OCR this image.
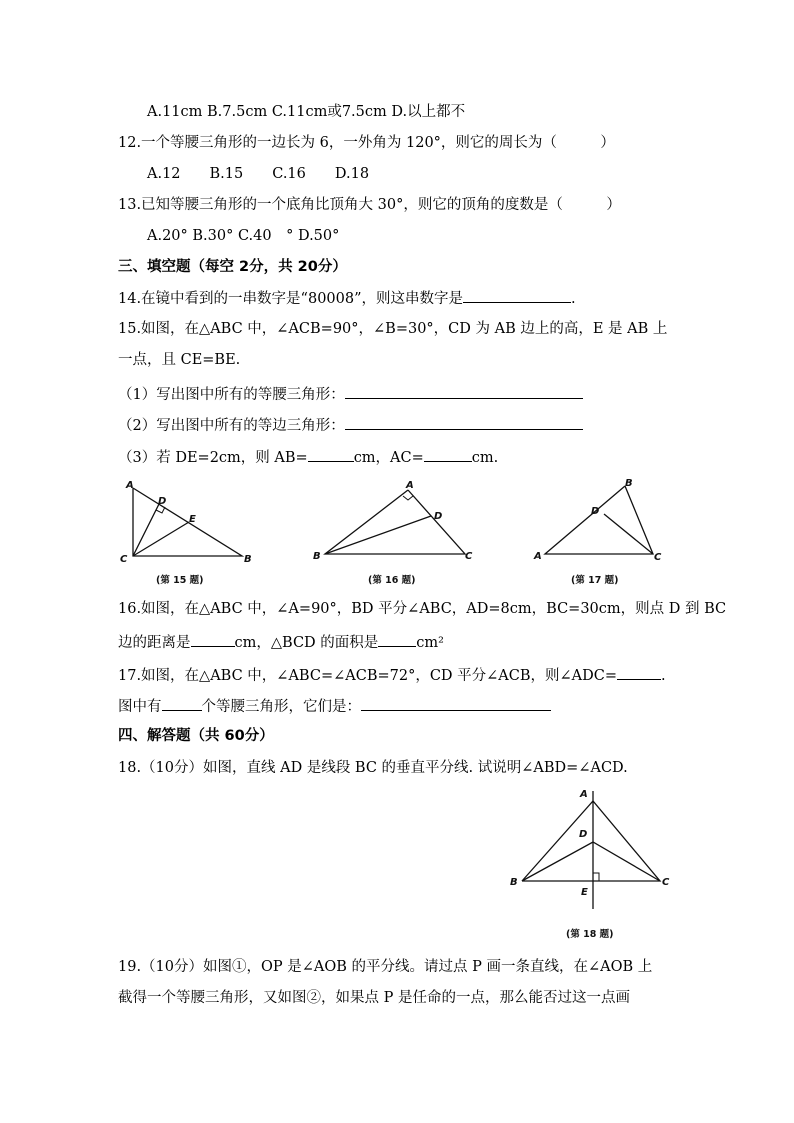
A.11cm B.7.5cm C.11cm或7.5cm D.以上都不
12.一个等腰三角形的一边长为 6，一外角为 120°，则它的周长为（　　　）
A.12　　B.15　　C.16　　D.18
13.已知等腰三角形的一个底角比顶角大 30°，则它的顶角的度数是（　　　）
A.20° B.30° C.40　° D.50°
三、填空题（每空 2分，共 20分）
14.在镜中看到的一串数字是“80008”，则这串数字是	.
15.如图，在△ABC 中，∠ACB=90°，∠B=30°，CD 为 AB 边上的高，E 是 AB 上
一点，且 CE=BE.
（1）写出图中所有的等腰三角形：
（2）写出图中所有的等边三角形：
（3）若 DE=2cm，则 AB=	cm，AC=	cm.
A
D
E
C	B
(第 15 题)
A
D
B	C
(第 16 题)
B
D
A	C
(第 17 题)
16.如图，在△ABC 中，∠A=90°，BD 平分∠ABC，AD=8cm，BC=30cm，则点 D 到 BC
边的距离是	cm，△BCD 的面积是	cm²
17.如图，在△ABC 中，∠ABC=∠ACB=72°，CD 平分∠ACB，则∠ADC=	.
图中有	个等腰三角形，它们是：
四、解答题（共 60分）
18.（10分）如图，直线 AD 是线段 BC 的垂直平分线. 试说明∠ABD=∠ACD.
A
D
B
E
C
(第 18 题)
19.（10分）如图①，OP 是∠AOB 的平分线。请过点 P 画一条直线，在∠AOB 上
截得一个等腰三角形，又如图②，如果点 P 是任命的一点，那么能否过这一点画
